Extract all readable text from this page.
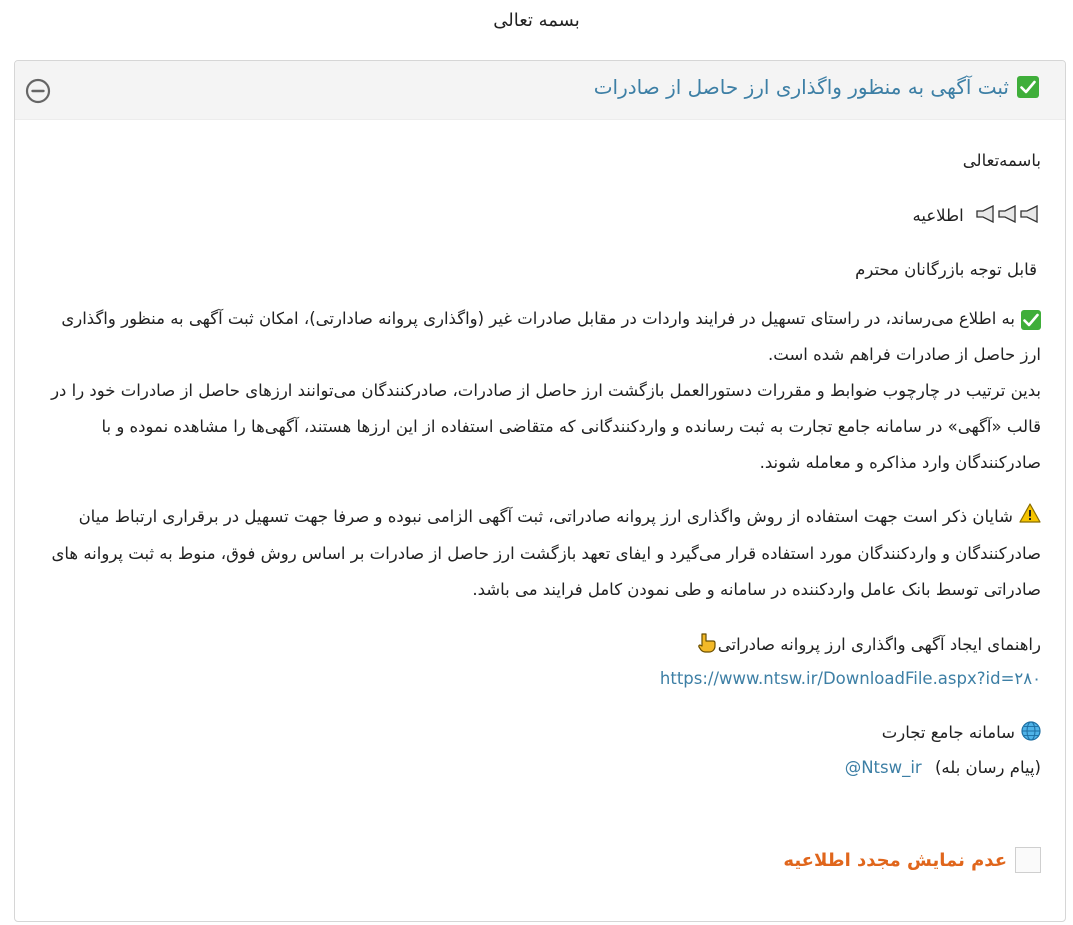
بسمه تعالی
ثبت آگهی به منظور واگذاری ارز حاصل از صادرات
باسمه‌تعالی
اطلاعیه
قابل توجه بازرگانان محترم
به اطلاع می‌رساند، در راستای تسهیل در فرایند واردات در مقابل صادرات غیر (واگذاری پروانه صادارتی)، امکان ثبت آگهی به منظور واگذاری ارز حاصل از صادرات فراهم شده است.
بدین ترتیب در چارچوب ضوابط و مقررات دستورالعمل بازگشت ارز حاصل از صادرات، صادرکنندگان می‌توانند ارزهای حاصل از صادرات خود را در قالب «آگهی» در سامانه جامع تجارت به ثبت رسانده و واردکنندگانی که متقاضی استفاده از این ارزها هستند، آگهی‌ها را مشاهده نموده و با صادرکنندگان وارد مذاکره و معامله شوند.
شایان ذکر است جهت استفاده از روش واگذاری ارز پروانه صادراتی، ثبت آگهی الزامی نبوده و صرفا جهت تسهیل در برقراری ارتباط میان صادرکنندگان و واردکنندگان مورد استفاده قرار می‌گیرد و ایفای تعهد بازگشت ارز حاصل از صادرات بر اساس روش فوق، منوط به ثبت پروانه های صادراتی توسط بانک عامل واردکننده در سامانه و طی نمودن کامل فرایند می باشد.
راهنمای ایجاد آگهی واگذاری ارز پروانه صادراتی
https://www.ntsw.ir/DownloadFile.aspx?id=۲۸۰
سامانه جامع تجارت
(پیام رسان بله) @Ntsw_ir
عدم نمایش مجدد اطلاعیه
